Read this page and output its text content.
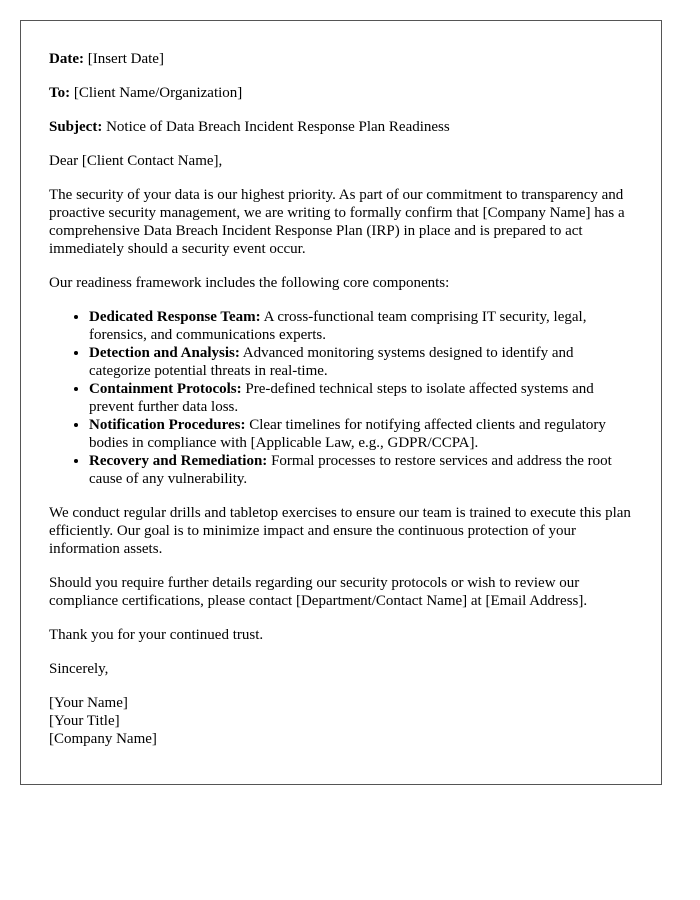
Date: [Insert Date]

To: [Client Name/Organization]

Subject: Notice of Data Breach Incident Response Plan Readiness

Dear [Client Contact Name],

The security of your data is our highest priority. As part of our commitment to transparency and proactive security management, we are writing to formally confirm that [Company Name] has a comprehensive Data Breach Incident Response Plan (IRP) in place and is prepared to act immediately should a security event occur.

Our readiness framework includes the following core components:

• Dedicated Response Team: A cross-functional team comprising IT security, legal, forensics, and communications experts.
• Detection and Analysis: Advanced monitoring systems designed to identify and categorize potential threats in real-time.
• Containment Protocols: Pre-defined technical steps to isolate affected systems and prevent further data loss.
• Notification Procedures: Clear timelines for notifying affected clients and regulatory bodies in compliance with [Applicable Law, e.g., GDPR/CCPA].
• Recovery and Remediation: Formal processes to restore services and address the root cause of any vulnerability.

We conduct regular drills and tabletop exercises to ensure our team is trained to execute this plan efficiently. Our goal is to minimize impact and ensure the continuous protection of your information assets.

Should you require further details regarding our security protocols or wish to review our compliance certifications, please contact [Department/Contact Name] at [Email Address].

Thank you for your continued trust.

Sincerely,

[Your Name]
[Your Title]
[Company Name]
